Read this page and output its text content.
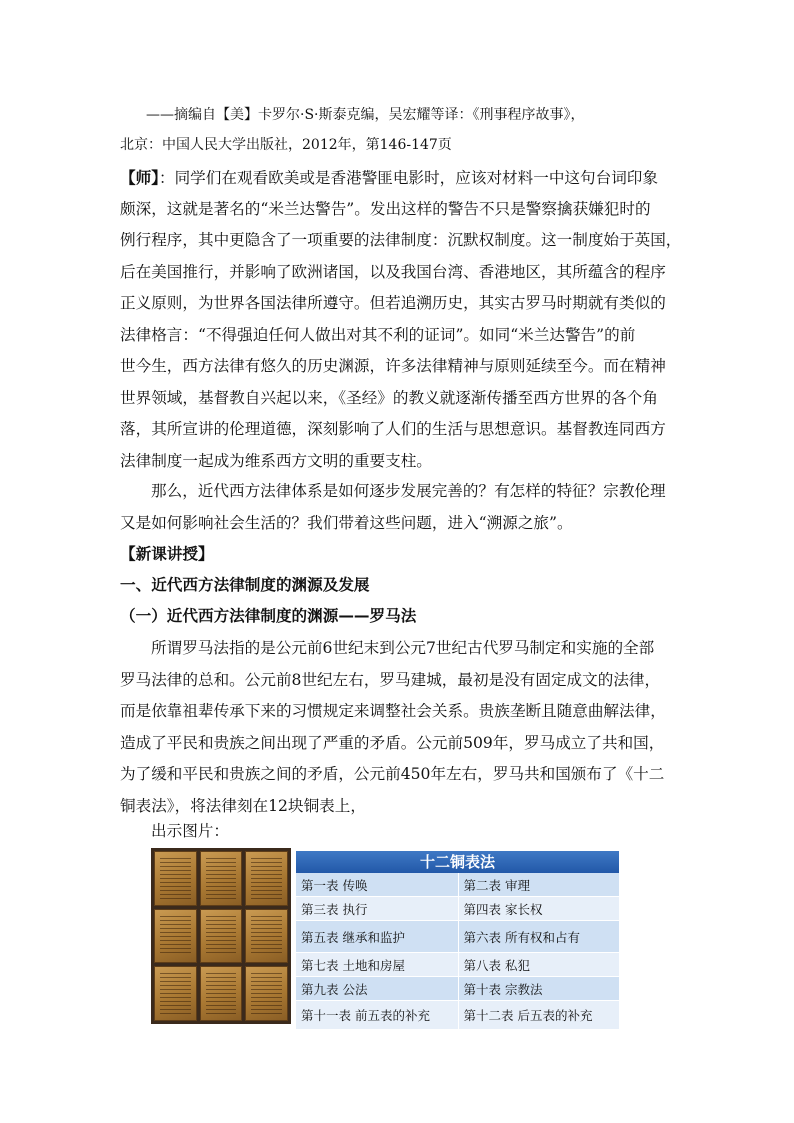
——摘编自【美】卡罗尔·S·斯泰克编，吴宏耀等译：《刑事程序故事》，
北京：中国人民大学出版社，2012年，第146-147页
【师】：同学们在观看欧美或是香港警匪电影时，应该对材料一中这句台词印象
颇深，这就是著名的“米兰达警告”。发出这样的警告不只是警察擒获嫌犯时的
例行程序，其中更隐含了一项重要的法律制度：沉默权制度。这一制度始于英国，
后在美国推行，并影响了欧洲诸国，以及我国台湾、香港地区，其所蕴含的程序
正义原则，为世界各国法律所遵守。但若追溯历史，其实古罗马时期就有类似的
法律格言：“不得强迫任何人做出对其不利的证词”。如同“米兰达警告”的前
世今生，西方法律有悠久的历史渊源，许多法律精神与原则延续至今。而在精神
世界领域，基督教自兴起以来，《圣经》的教义就逐渐传播至西方世界的各个角
落，其所宣讲的伦理道德，深刻影响了人们的生活与思想意识。基督教连同西方
法律制度一起成为维系西方文明的重要支柱。
那么，近代西方法律体系是如何逐步发展完善的？有怎样的特征？宗教伦理
又是如何影响社会生活的？我们带着这些问题，进入“溯源之旅”。
【新课讲授】
一、近代西方法律制度的渊源及发展
（一）近代西方法律制度的渊源——罗马法
所谓罗马法指的是公元前6世纪末到公元7世纪古代罗马制定和实施的全部
罗马法律的总和。公元前8世纪左右，罗马建城，最初是没有固定成文的法律，
而是依靠祖辈传承下来的习惯规定来调整社会关系。贵族垄断且随意曲解法律，
造成了平民和贵族之间出现了严重的矛盾。公元前509年，罗马成立了共和国，
为了缓和平民和贵族之间的矛盾，公元前450年左右，罗马共和国颁布了《十二
铜表法》，将法律刻在12块铜表上，
出示图片：
十二铜表法
第一表 传唤	第二表 审理
第三表 执行	第四表 家长权
第五表 继承和监护	第六表 所有权和占有
第七表 土地和房屋	第八表 私犯
第九表 公法	第十表 宗教法
第十一表 前五表的补充	第十二表 后五表的补充
